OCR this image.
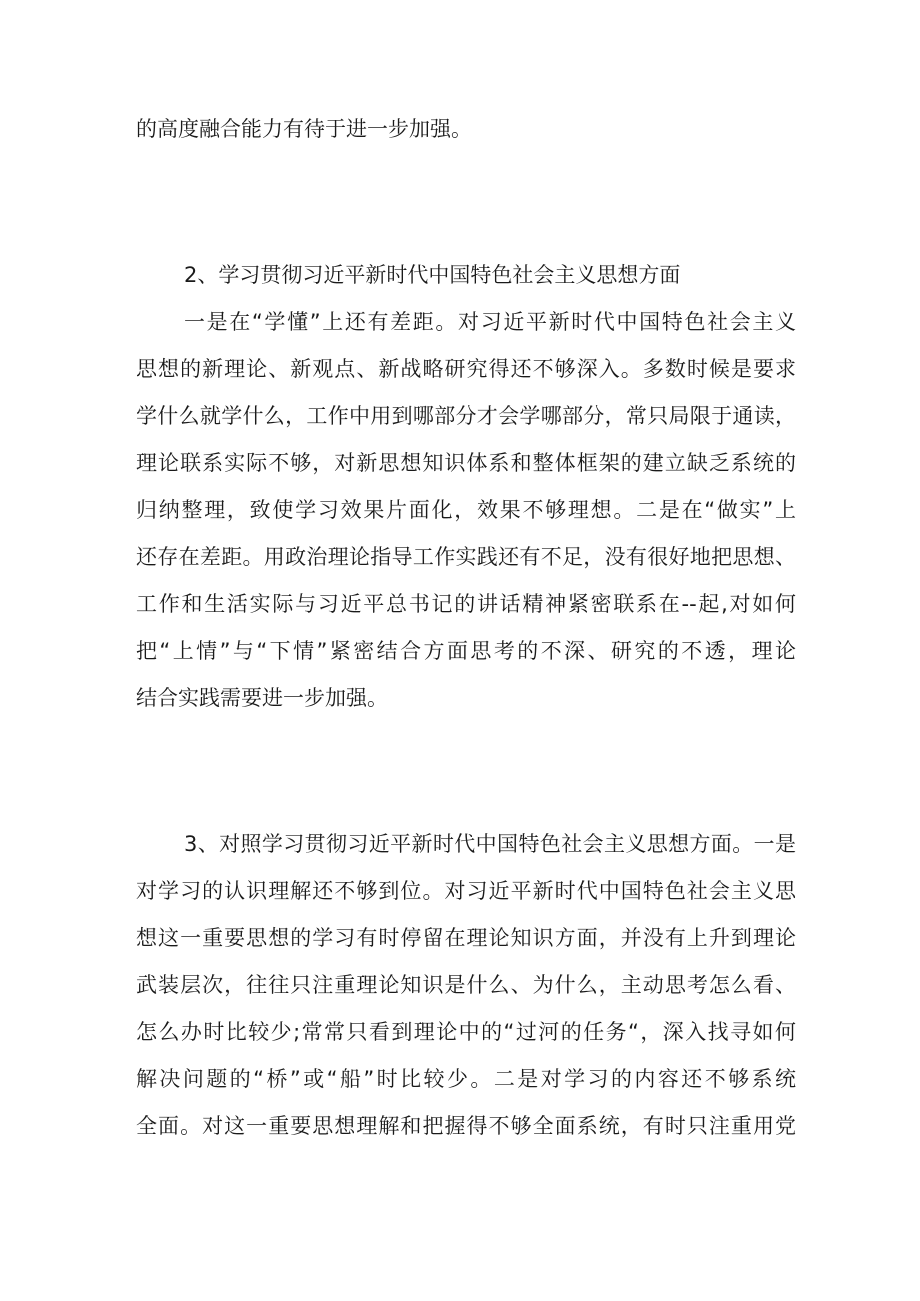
的高度融合能力有待于进一步加强。

2、学习贯彻习近平新时代中国特色社会主义思想方面

一是在“学懂”上还有差距。对习近平新时代中国特色社会主义

思想的新理论、新观点、新战略研究得还不够深入。多数时候是要求

学什么就学什么，工作中用到哪部分才会学哪部分，常只局限于通读，

理论联系实际不够，对新思想知识体系和整体框架的建立缺乏系统的

归纳整理，致使学习效果片面化，效果不够理想。二是在“做实”上

还存在差距。用政治理论指导工作实践还有不足，没有很好地把思想、

工作和生活实际与习近平总书记的讲话精神紧密联系在--起,对如何

把“上情”与“下情”紧密结合方面思考的不深、研究的不透，理论

结合实践需要进一步加强。

3、对照学习贯彻习近平新时代中国特色社会主义思想方面。一是

对学习的认识理解还不够到位。对习近平新时代中国特色社会主义思

想这一重要思想的学习有时停留在理论知识方面，并没有上升到理论

武装层次，往往只注重理论知识是什么、为什么，主动思考怎么看、

怎么办时比较少;常常只看到理论中的“过河的任务“，深入找寻如何

解决问题的“桥”或“船”时比较少。二是对学习的内容还不够系统

全面。对这一重要思想理解和把握得不够全面系统，有时只注重用党
